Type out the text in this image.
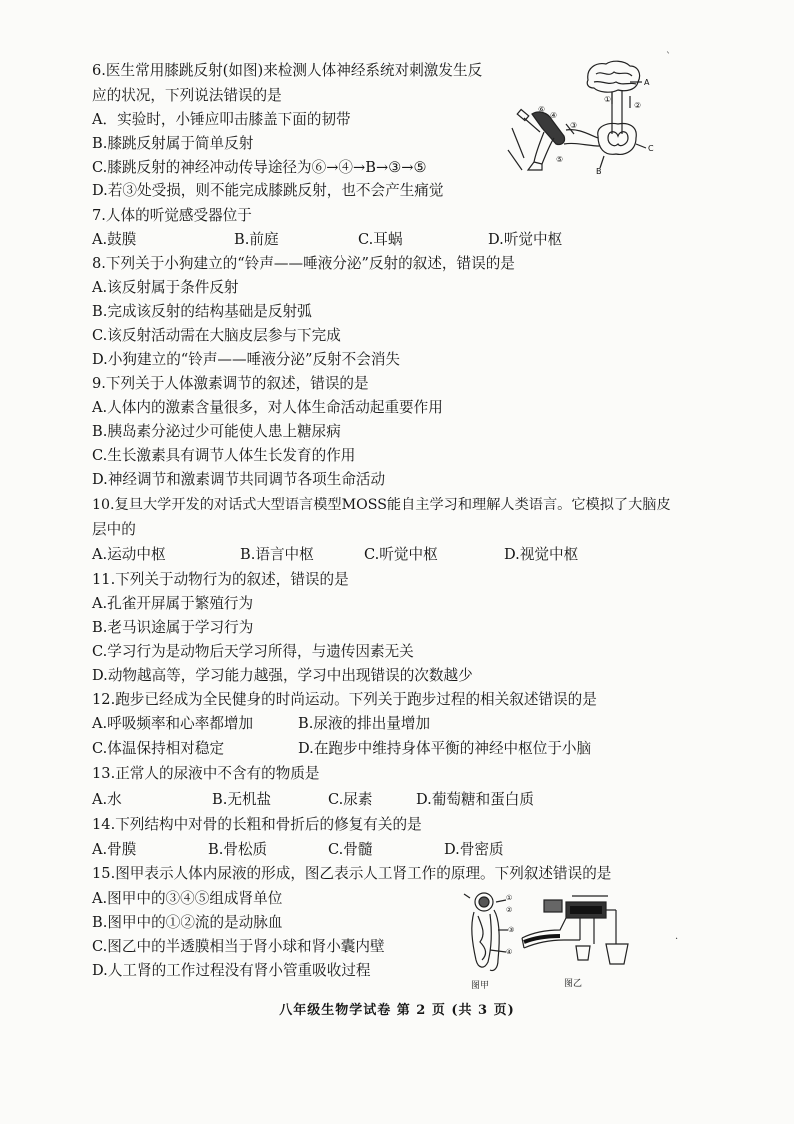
6.医生常用膝跳反射(如图)来检测人体神经系统对刺激发生反
应的状况，下列说法错误的是
A．实验时，小锤应叩击膝盖下面的韧带
B.膝跳反射属于简单反射
C.膝跳反射的神经冲动传导途径为⑥→④→B→③→⑤
D.若③处受损，则不能完成膝跳反射，也不会产生痛觉
A
C
B
①
②
③
④
⑤
⑥
7.人体的听觉感受器位于
A.鼓膜	B.前庭	C.耳蜗	D.听觉中枢
8.下列关于小狗建立的“铃声——唾液分泌”反射的叙述，错误的是
A.该反射属于条件反射
B.完成该反射的结构基础是反射弧
C.该反射活动需在大脑皮层参与下完成
D.小狗建立的“铃声——唾液分泌”反射不会消失
9.下列关于人体激素调节的叙述，错误的是
A.人体内的激素含量很多，对人体生命活动起重要作用
B.胰岛素分泌过少可能使人患上糖尿病
C.生长激素具有调节人体生长发育的作用
D.神经调节和激素调节共同调节各项生命活动
10.复旦大学开发的对话式大型语言模型MOSS能自主学习和理解人类语言。它模拟了大脑皮
层中的
A.运动中枢	B.语言中枢	C.听觉中枢	D.视觉中枢
11.下列关于动物行为的叙述，错误的是
A.孔雀开屏属于繁殖行为
B.老马识途属于学习行为
C.学习行为是动物后天学习所得，与遗传因素无关
D.动物越高等，学习能力越强，学习中出现错误的次数越少
12.跑步已经成为全民健身的时尚运动。下列关于跑步过程的相关叙述错误的是
A.呼吸频率和心率都增加	B.尿液的排出量增加
C.体温保持相对稳定	D.在跑步中维持身体平衡的神经中枢位于小脑
13.正常人的尿液中不含有的物质是
A.水	B.无机盐	C.尿素	D.葡萄糖和蛋白质
14.下列结构中对骨的长粗和骨折后的修复有关的是
A.骨膜	B.骨松质	C.骨髓	D.骨密质
15.图甲表示人体内尿液的形成，图乙表示人工肾工作的原理。下列叙述错误的是
A.图甲中的③④⑤组成肾单位
B.图甲中的①②流的是动脉血
C.图乙中的半透膜相当于肾小球和肾小囊内壁
D.人工肾的工作过程没有肾小管重吸收过程
①
②
③
④
图甲	图乙
ˋ
·
八年级生物学试卷 第 2 页 (共 3 页)
